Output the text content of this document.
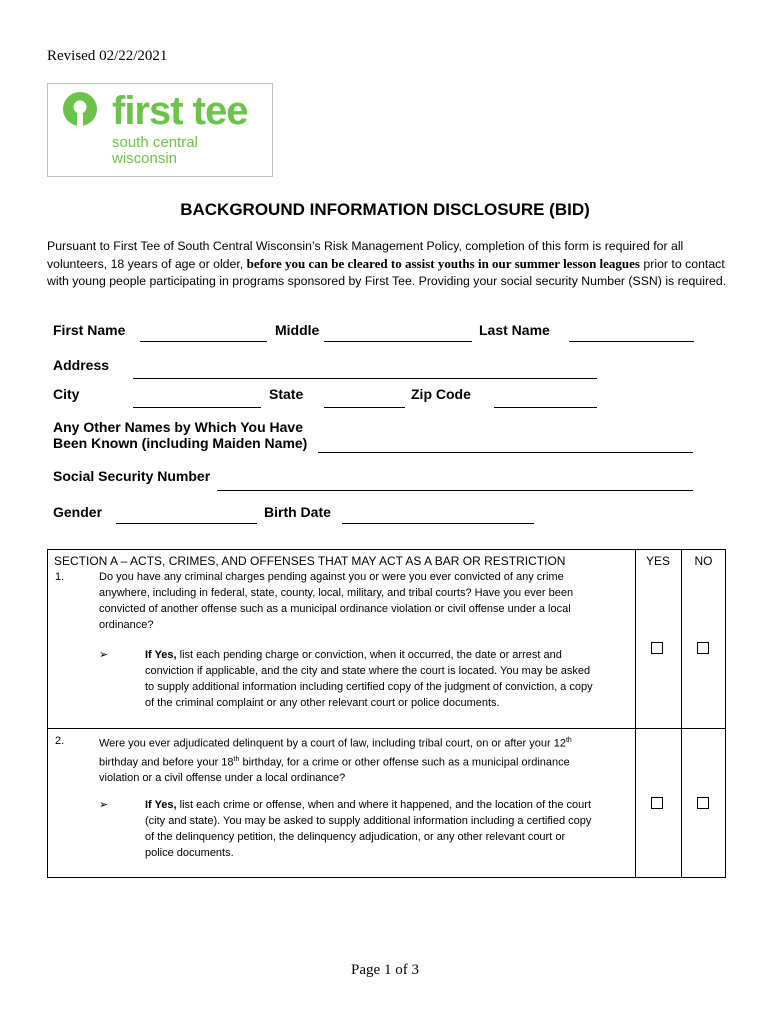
Revised 02/22/2021
first tee
south central
wisconsin
BACKGROUND INFORMATION DISCLOSURE (BID)
Pursuant to First Tee of South Central Wisconsin’s Risk Management Policy, completion of this form is required for all volunteers, 18 years of age or older, before you can be cleared to assist youths in our summer lesson leagues prior to contact with young people participating in programs sponsored by First Tee. Providing your social security Number (SSN) is required.
First Name	Middle	Last Name
Address
City	State	Zip Code
Any Other Names by Which You Have
Been Known (including Maiden Name)
Social Security Number
Gender	Birth Date
SECTION A – ACTS, CRIMES, AND OFFENSES THAT MAY ACT AS A BAR OR RESTRICTION	YES	NO
1.	Do you have any criminal charges pending against you or were you ever convicted of any crime
anywhere, including in federal, state, county, local, military, and tribal courts? Have you ever been
convicted of another offense such as a municipal ordinance violation or civil offense under a local
ordinance?
➢	If Yes, list each pending charge or conviction, when it occurred, the date or arrest and
conviction if applicable, and the city and state where the court is located. You may be asked
to supply additional information including certified copy of the judgment of conviction, a copy
of the criminal complaint or any other relevant court or police documents.
2.	Were you ever adjudicated delinquent by a court of law, including tribal court, on or after your 12th
birthday and before your 18th birthday, for a crime or other offense such as a municipal ordinance
violation or a civil offense under a local ordinance?
➢	If Yes, list each crime or offense, when and where it happened, and the location of the court
(city and state). You may be asked to supply additional information including a certified copy
of the delinquency petition, the delinquency adjudication, or any other relevant court or
police documents.
Page 1 of 3
